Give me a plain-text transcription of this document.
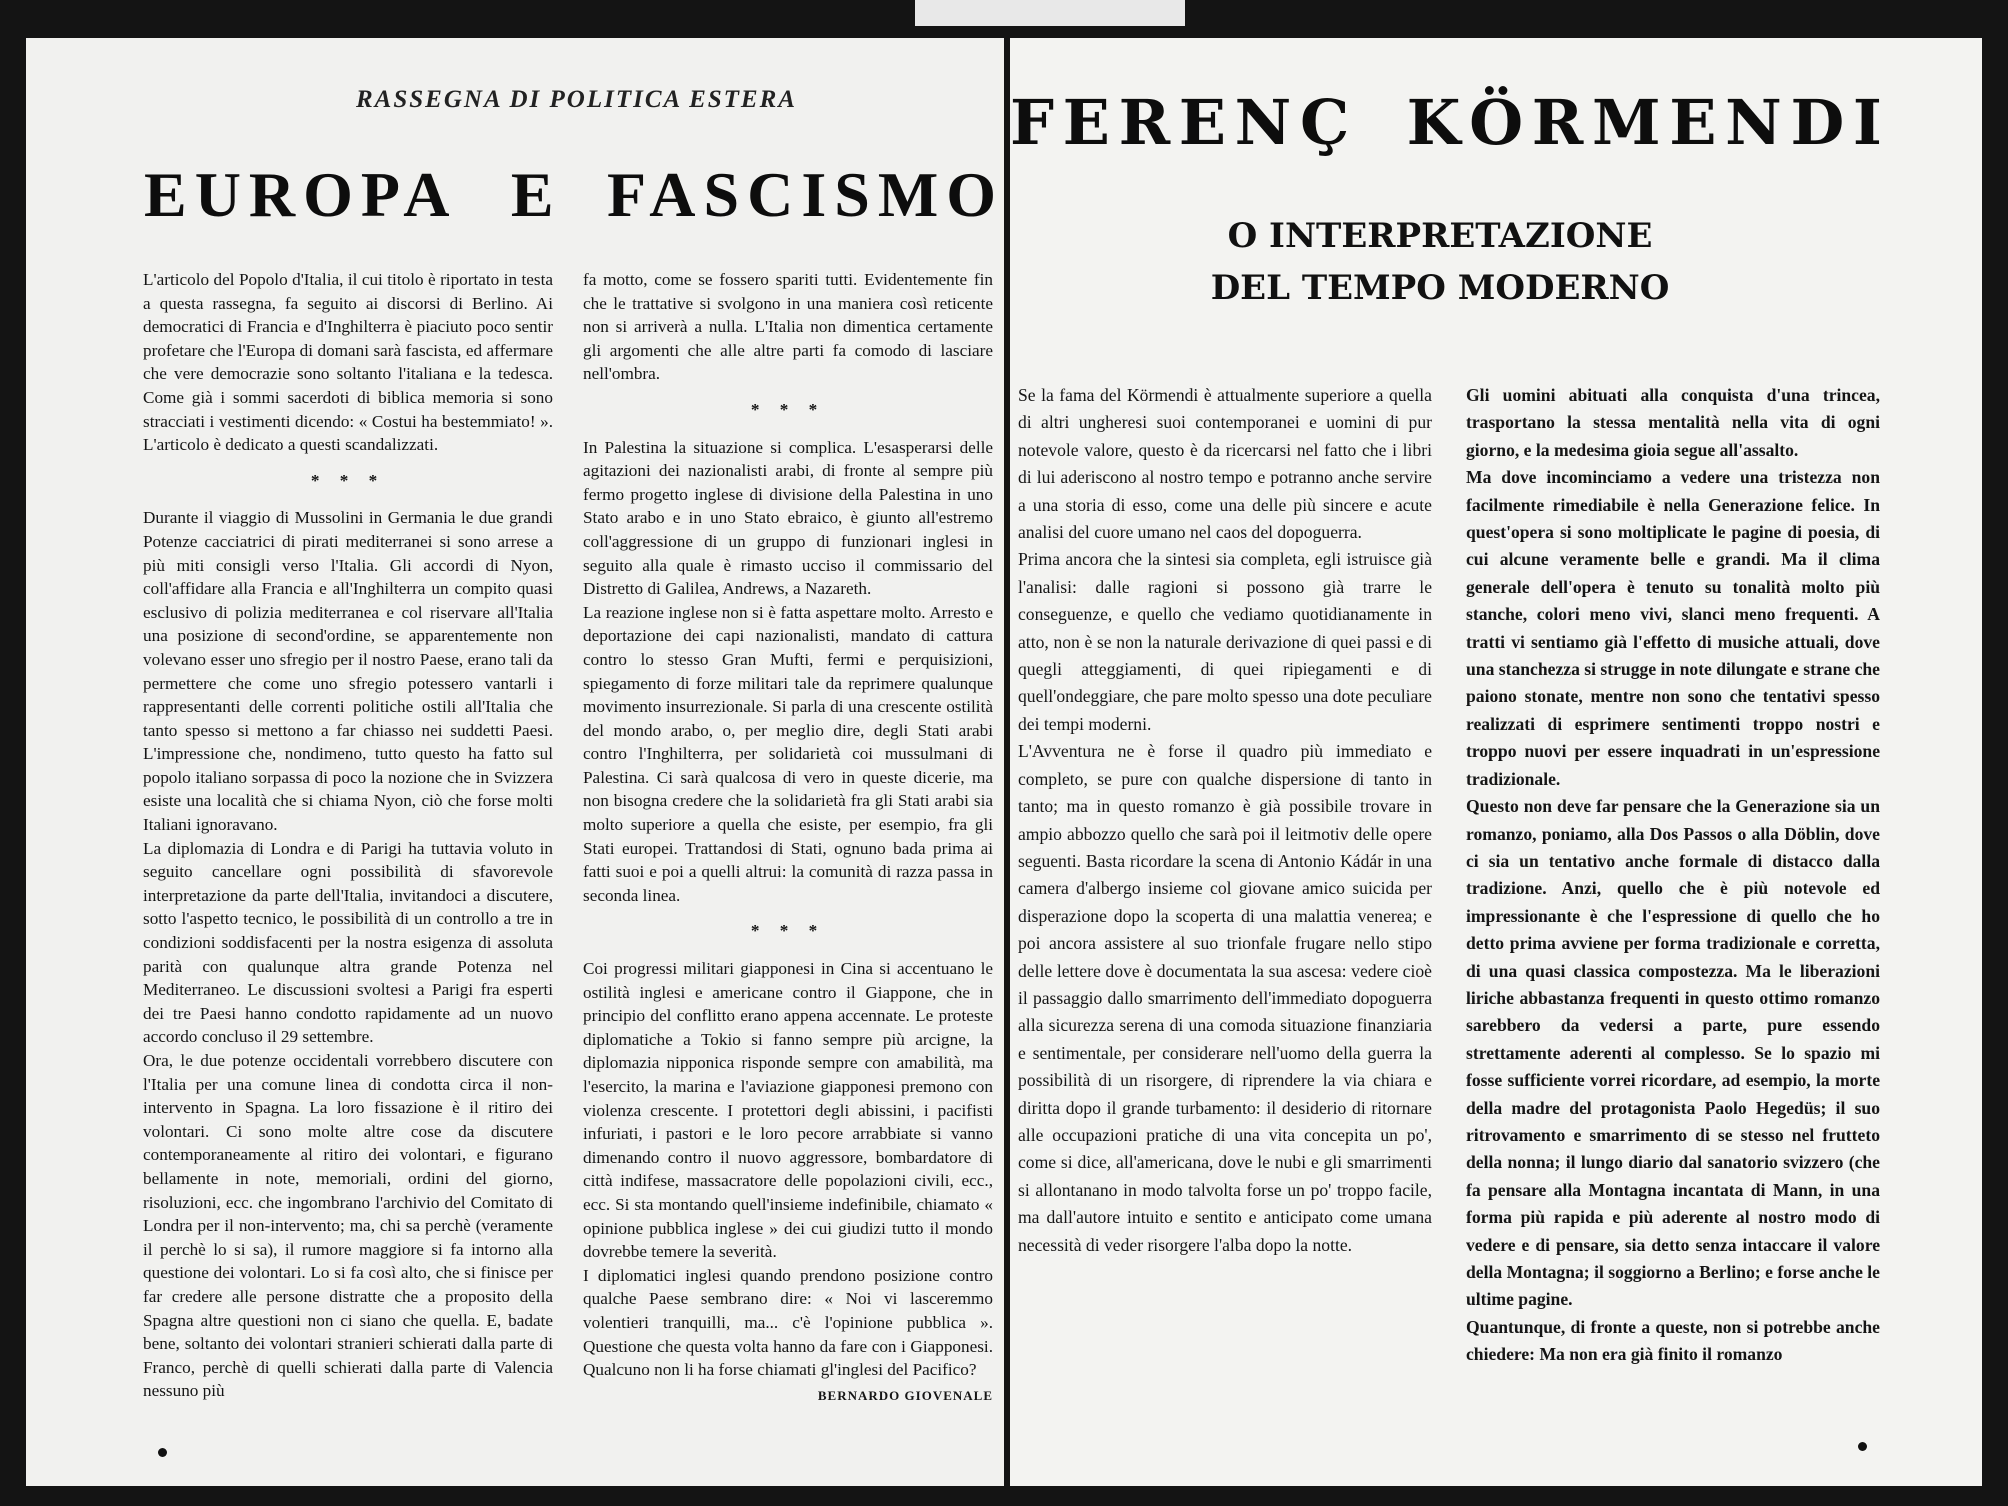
RASSEGNA DI POLITICA ESTERA
EUROPA E FASCISMO

L'articolo del Popolo d'Italia, il cui titolo è riportato in testa a questa rassegna, fa seguito ai discorsi di Berlino. Ai democratici di Francia e d'Inghilterra è piaciuto poco sentir profetare che l'Europa di domani sarà fascista, ed affermare che vere democrazie sono soltanto l'italiana e la tedesca. Come già i sommi sacerdoti di biblica memoria si sono stracciati i vestimenti dicendo: « Costui ha bestemmiato! ». L'articolo è dedicato a questi scandalizzati.

* * *

Durante il viaggio di Mussolini in Germania le due grandi Potenze cacciatrici di pirati mediterranei si sono arrese a più miti consigli verso l'Italia. Gli accordi di Nyon, coll'affidare alla Francia e all'Inghilterra un compito quasi esclusivo di polizia mediterranea e col riservare all'Italia una posizione di second'ordine, se apparentemente non volevano esser uno sfregio per il nostro Paese, erano tali da permettere che come uno sfregio potessero vantarli i rappresentanti delle correnti politiche ostili all'Italia che tanto spesso si mettono a far chiasso nei suddetti Paesi. L'impressione che, nondimeno, tutto questo ha fatto sul popolo italiano sorpassa di poco la nozione che in Svizzera esiste una località che si chiama Nyon, ciò che forse molti Italiani ignoravano.

La diplomazia di Londra e di Parigi ha tuttavia voluto in seguito cancellare ogni possibilità di sfavorevole interpretazione da parte dell'Italia, invitandoci a discutere, sotto l'aspetto tecnico, le possibilità di un controllo a tre in condizioni soddisfacenti per la nostra esigenza di assoluta parità con qualunque altra grande Potenza nel Mediterraneo. Le discussioni svoltesi a Parigi fra esperti dei tre Paesi hanno condotto rapidamente ad un nuovo accordo concluso il 29 settembre.

Ora, le due potenze occidentali vorrebbero discutere con l'Italia per una comune linea di condotta circa il non-intervento in Spagna. La loro fissazione è il ritiro dei volontari. Ci sono molte altre cose da discutere contemporaneamente al ritiro dei volontari, e figurano bellamente in note, memoriali, ordini del giorno, risoluzioni, ecc. che ingombrano l'archivio del Comitato di Londra per il non-intervento; ma, chi sa perchè (veramente il perchè lo si sa), il rumore maggiore si fa intorno alla questione dei volontari. Lo si fa così alto, che si finisce per far credere alle persone distratte che a proposito della Spagna altre questioni non ci siano che quella. E, badate bene, soltanto dei volontari stranieri schierati dalla parte di Franco, perchè di quelli schierati dalla parte di Valencia nessuno più

fa motto, come se fossero spariti tutti. Evidentemente fin che le trattative si svolgono in una maniera così reticente non si arriverà a nulla. L'Italia non dimentica certamente gli argomenti che alle altre parti fa comodo di lasciare nell'ombra.

* * *

In Palestina la situazione si complica. L'esasperarsi delle agitazioni dei nazionalisti arabi, di fronte al sempre più fermo progetto inglese di divisione della Palestina in uno Stato arabo e in uno Stato ebraico, è giunto all'estremo coll'aggressione di un gruppo di funzionari inglesi in seguito alla quale è rimasto ucciso il commissario del Distretto di Galilea, Andrews, a Nazareth.

La reazione inglese non si è fatta aspettare molto. Arresto e deportazione dei capi nazionalisti, mandato di cattura contro lo stesso Gran Mufti, fermi e perquisizioni, spiegamento di forze militari tale da reprimere qualunque movimento insurrezionale. Si parla di una crescente ostilità del mondo arabo, o, per meglio dire, degli Stati arabi contro l'Inghilterra, per solidarietà coi mussulmani di Palestina. Ci sarà qualcosa di vero in queste dicerie, ma non bisogna credere che la solidarietà fra gli Stati arabi sia molto superiore a quella che esiste, per esempio, fra gli Stati europei. Trattandosi di Stati, ognuno bada prima ai fatti suoi e poi a quelli altrui: la comunità di razza passa in seconda linea.

* * *

Coi progressi militari giapponesi in Cina si accentuano le ostilità inglesi e americane contro il Giappone, che in principio del conflitto erano appena accennate. Le proteste diplomatiche a Tokio si fanno sempre più arcigne, la diplomazia nipponica risponde sempre con amabilità, ma l'esercito, la marina e l'aviazione giapponesi premono con violenza crescente. I protettori degli abissini, i pacifisti infuriati, i pastori e le loro pecore arrabbiate si vanno dimenando contro il nuovo aggressore, bombardatore di città indifese, massacratore delle popolazioni civili, ecc., ecc. Si sta montando quell'insieme indefinibile, chiamato « opinione pubblica inglese » dei cui giudizi tutto il mondo dovrebbe temere la severità.

I diplomatici inglesi quando prendono posizione contro qualche Paese sembrano dire: « Noi vi lasceremmo volentieri tranquilli, ma... c'è l'opinione pubblica ». Questione che questa volta hanno da fare con i Giapponesi. Qualcuno non li ha forse chiamati gl'inglesi del Pacifico?

BERNARDO GIOVENALE
F E R E N Ç K Ö R M E N D I
O INTERPRETAZIONE
DEL TEMPO MODERNO

Se la fama del Körmendi è attualmente superiore a quella di altri ungheresi suoi contemporanei e uomini di pur notevole valore, questo è da ricercarsi nel fatto che i libri di lui aderiscono al nostro tempo e potranno anche servire a una storia di esso, come una delle più sincere e acute analisi del cuore umano nel caos del dopoguerra.

Prima ancora che la sintesi sia completa, egli istruisce già l'analisi: dalle ragioni si possono già trarre le conseguenze, e quello che vediamo quotidianamente in atto, non è se non la naturale derivazione di quei passi e di quegli atteggiamenti, di quei ripiegamenti e di quell'ondeggiare, che pare molto spesso una dote peculiare dei tempi moderni.

L'Avventura ne è forse il quadro più immediato e completo, se pure con qualche dispersione di tanto in tanto; ma in questo romanzo è già possibile trovare in ampio abbozzo quello che sarà poi il leitmotiv delle opere seguenti. Basta ricordare la scena di Antonio Kádár in una camera d'albergo insieme col giovane amico suicida per disperazione dopo la scoperta di una malattia venerea; e poi ancora assistere al suo trionfale frugare nello stipo delle lettere dove è documentata la sua ascesa: vedere cioè il passaggio dallo smarrimento dell'immediato dopoguerra alla sicurezza serena di una comoda situazione finanziaria e sentimentale, per considerare nell'uomo della guerra la possibilità di un risorgere, di riprendere la via chiara e diritta dopo il grande turbamento: il desiderio di ritornare alle occupazioni pratiche di una vita concepita un po', come si dice, all'americana, dove le nubi e gli smarrimenti si allontanano in modo talvolta forse un po' troppo facile, ma dall'autore intuito e sentito e anticipato come umana necessità di veder risorgere l'alba dopo la notte.

Gli uomini abituati alla conquista d'una trincea, trasportano la stessa mentalità nella vita di ogni giorno, e la medesima gioia segue all'assalto.

Ma dove incominciamo a vedere una tristezza non facilmente rimediabile è nella Generazione felice. In quest'opera si sono moltiplicate le pagine di poesia, di cui alcune veramente belle e grandi. Ma il clima generale dell'opera è tenuto su tonalità molto più stanche, colori meno vivi, slanci meno frequenti. A tratti vi sentiamo già l'effetto di musiche attuali, dove una stanchezza si strugge in note dilungate e strane che paiono stonate, mentre non sono che tentativi spesso realizzati di esprimere sentimenti troppo nostri e troppo nuovi per essere inquadrati in un'espressione tradizionale.

Questo non deve far pensare che la Generazione sia un romanzo, poniamo, alla Dos Passos o alla Döblin, dove ci sia un tentativo anche formale di distacco dalla tradizione. Anzi, quello che è più notevole ed impressionante è che l'espressione di quello che ho detto prima avviene per forma tradizionale e corretta, di una quasi classica compostezza. Ma le liberazioni liriche abbastanza frequenti in questo ottimo romanzo sarebbero da vedersi a parte, pure essendo strettamente aderenti al complesso. Se lo spazio mi fosse sufficiente vorrei ricordare, ad esempio, la morte della madre del protagonista Paolo Hegedüs; il suo ritrovamento e smarrimento di se stesso nel frutteto della nonna; il lungo diario dal sanatorio svizzero (che fa pensare alla Montagna incantata di Mann, in una forma più rapida e più aderente al nostro modo di vedere e di pensare, sia detto senza intaccare il valore della Montagna; il soggiorno a Berlino; e forse anche le ultime pagine.

Quantunque, di fronte a queste, non si potrebbe anche chiedere: Ma non era già finito il romanzo
